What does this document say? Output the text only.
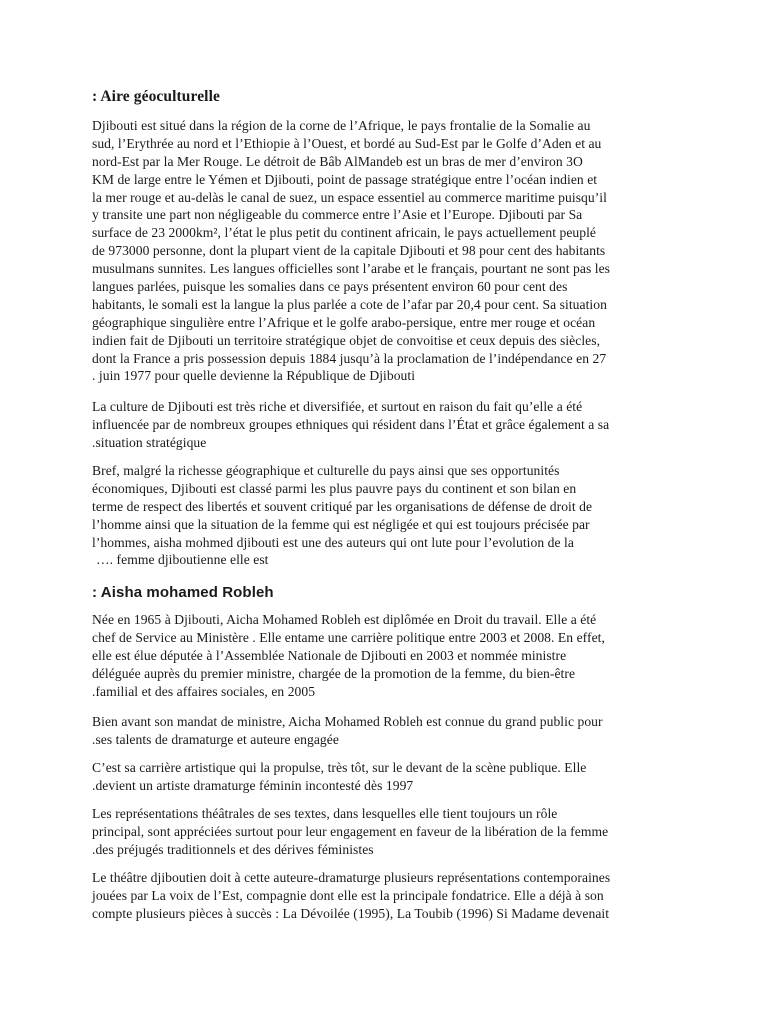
: Aire géoculturelle
Djibouti est situé dans la région de la corne de l’Afrique, le pays frontalie de la Somalie au
sud, l’Erythrée au nord et l’Ethiopie à l’Ouest, et bordé au Sud-Est par le Golfe d’Aden et au
nord-Est par la Mer Rouge. Le détroit de Bâb AlMandeb est un bras de mer d’environ 3O
KM de large entre le Yémen et Djibouti, point de passage stratégique entre l’océan indien et
la mer rouge et au-delàs le canal de suez, un espace essentiel au commerce maritime puisqu’il
y transite une part non négligeable du commerce entre l’Asie et l’Europe. Djibouti par Sa
surface de 23 2000km², l’état le plus petit du continent africain, le pays actuellement peuplé
de 973000 personne, dont la plupart vient de la capitale Djibouti et 98 pour cent des habitants
musulmans sunnites. Les langues officielles sont l’arabe et le français, pourtant ne sont pas les
langues parlées, puisque les somalies dans ce pays présentent environ 60 pour cent des
habitants, le somali est la langue la plus parlée a cote de l’afar par 20,4 pour cent. Sa situation
géographique singulière entre l’Afrique et le golfe arabo-persique, entre mer rouge et océan
indien fait de Djibouti un territoire stratégique objet de convoitise et ceux depuis des siècles,
dont la France a pris possession depuis 1884 jusqu’à la proclamation de l’indépendance en 27
. juin 1977 pour quelle devienne la République de Djibouti
La culture de Djibouti est très riche et diversifiée, et surtout en raison du fait qu’elle a été
influencée par de nombreux groupes ethniques qui résident dans l’État et grâce également a sa
.situation stratégique
Bref, malgré la richesse géographique et culturelle du pays ainsi que ses opportunités
économiques, Djibouti est classé parmi les plus pauvre pays du continent et son bilan en
terme de respect des libertés et souvent critiqué par les organisations de défense de droit de
l’homme ainsi que la situation de la femme qui est négligée et qui est toujours précisée par
l’hommes, aisha mohmed djibouti est une des auteurs qui ont lute pour l’evolution de la
…. femme djiboutienne elle est
: Aisha mohamed Robleh
Née en 1965 à Djibouti, Aicha Mohamed Robleh est diplômée en Droit du travail. Elle a été
chef de Service au Ministère . Elle entame une carrière politique entre 2003 et 2008. En effet,
elle est élue députée à l’Assemblée Nationale de Djibouti en 2003 et nommée ministre
déléguée auprès du premier ministre, chargée de la promotion de la femme, du bien-être
.familial et des affaires sociales, en 2005
Bien avant son mandat de ministre, Aicha Mohamed Robleh est connue du grand public pour
.ses talents de dramaturge et auteure engagée
C’est sa carrière artistique qui la propulse, très tôt, sur le devant de la scène publique. Elle
.devient un artiste dramaturge féminin incontesté dès 1997
Les représentations théâtrales de ses textes, dans lesquelles elle tient toujours un rôle
principal, sont appréciées surtout pour leur engagement en faveur de la libération de la femme
.des préjugés traditionnels et des dérives féministes
Le théâtre djiboutien doit à cette auteure-dramaturge plusieurs représentations contemporaines
jouées par La voix de l’Est, compagnie dont elle est la principale fondatrice. Elle a déjà à son
compte plusieurs pièces à succès : La Dévoilée (1995), La Toubib (1996) Si Madame devenait
